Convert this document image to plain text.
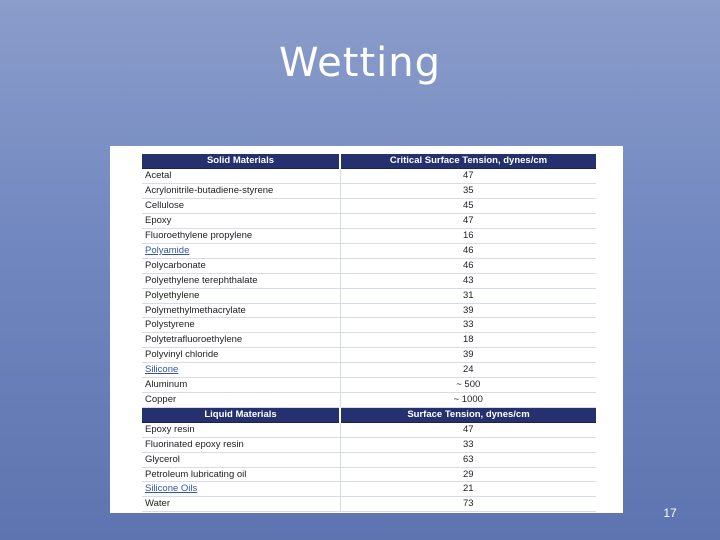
Wetting
Solid Materials	Critical Surface Tension, dynes/cm
Acetal	47
Acrylonitrile-butadiene-styrene	35
Cellulose	45
Epoxy	47
Fluoroethylene propylene	16
Polyamide	46
Polycarbonate	46
Polyethylene terephthalate	43
Polyethylene	31
Polymethylmethacrylate	39
Polystyrene	33
Polytetrafluoroethylene	18
Polyvinyl chloride	39
Silicone	24
Aluminum	~ 500
Copper	~ 1000
Liquid Materials	Surface Tension, dynes/cm
Epoxy resin	47
Fluorinated epoxy resin	33
Glycerol	63
Petroleum lubricating oil	29
Silicone Oils	21
Water	73
17
